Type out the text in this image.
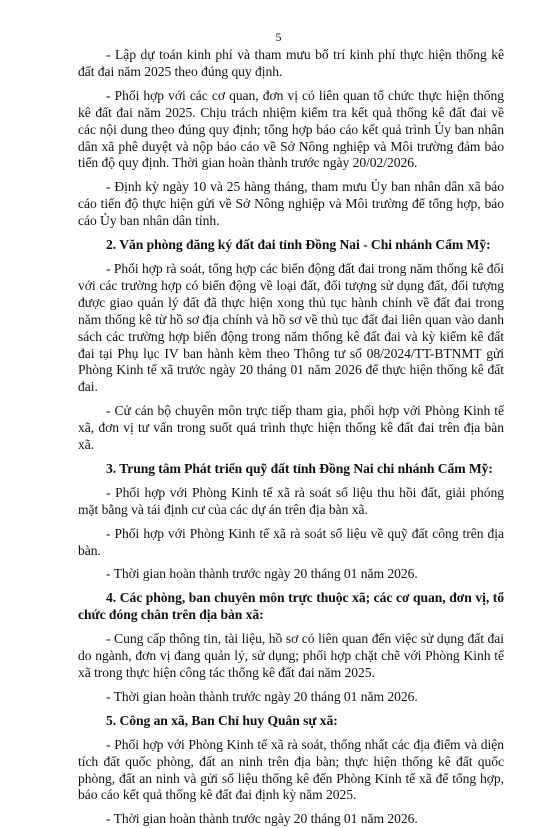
5

- Lập dự toán kinh phí và tham mưu bố trí kinh phí thực hiện thống kê đất đai năm 2025 theo đúng quy định.

- Phối hợp với các cơ quan, đơn vị có liên quan tổ chức thực hiện thống kê đất đai năm 2025. Chịu trách nhiệm kiểm tra kết quả thống kê đất đai về các nội dung theo đúng quy định; tổng hợp báo cáo kết quả trình Ủy ban nhân dân xã phê duyệt và nộp báo cáo về Sở Nông nghiệp và Môi trường đảm bảo tiến độ quy định. Thời gian hoàn thành trước ngày 20/02/2026.

- Định kỳ ngày 10 và 25 hàng tháng, tham mưu Ủy ban nhân dân xã báo cáo tiến độ thực hiện gửi về Sở Nông nghiệp và Môi trường để tổng hợp, báo cáo Ủy ban nhân dân tỉnh.

2. Văn phòng đăng ký đất đai tỉnh Đồng Nai - Chi nhánh Cẩm Mỹ:

- Phối hợp rà soát, tổng hợp các biến động đất đai trong năm thống kê đối với các trường hợp có biến động về loại đất, đối tượng sử dụng đất, đối tượng được giao quản lý đất đã thực hiện xong thủ tục hành chính về đất đai trong năm thống kê từ hồ sơ địa chính và hồ sơ về thủ tục đất đai liên quan vào danh sách các trường hợp biến động trong năm thống kê đất đai và kỳ kiểm kê đất đai tại Phụ lục IV ban hành kèm theo Thông tư số 08/2024/TT-BTNMT gửi Phòng Kinh tế xã trước ngày 20 tháng 01 năm 2026 để thực hiện thống kê đất đai.

- Cử cán bộ chuyên môn trực tiếp tham gia, phối hợp với Phòng Kinh tế xã, đơn vị tư vấn trong suốt quá trình thực hiện thống kê đất đai trên địa bàn xã.

3. Trung tâm Phát triển quỹ đất tỉnh Đồng Nai chi nhánh Cẩm Mỹ:

- Phối hợp với Phòng Kinh tế xã rà soát số liệu thu hồi đất, giải phóng mặt bằng và tái định cư của các dự án trên địa bàn xã.

- Phối hợp với Phòng Kinh tế xã rà soát số liệu về quỹ đất công trên địa bàn.

- Thời gian hoàn thành trước ngày 20 tháng 01 năm 2026.

4. Các phòng, ban chuyên môn trực thuộc xã; các cơ quan, đơn vị, tổ chức đóng chân trên địa bàn xã:

- Cung cấp thông tin, tài liệu, hồ sơ có liên quan đến việc sử dụng đất đai do ngành, đơn vị đang quản lý, sử dụng; phối hợp chặt chẽ với Phòng Kinh tế xã trong thực hiện công tác thống kê đất đai năm 2025.

- Thời gian hoàn thành trước ngày 20 tháng 01 năm 2026.

5. Công an xã, Ban Chỉ huy Quân sự xã:

- Phối hợp với Phòng Kinh tế xã rà soát, thống nhất các địa điểm và diện tích đất quốc phòng, đất an ninh trên địa bàn; thực hiện thống kê đất quốc phòng, đất an ninh và gửi số liệu thống kê đến Phòng Kinh tế xã để tổng hợp, báo cáo kết quả thống kê đất đai định kỳ năm 2025.

- Thời gian hoàn thành trước ngày 20 tháng 01 năm 2026.
